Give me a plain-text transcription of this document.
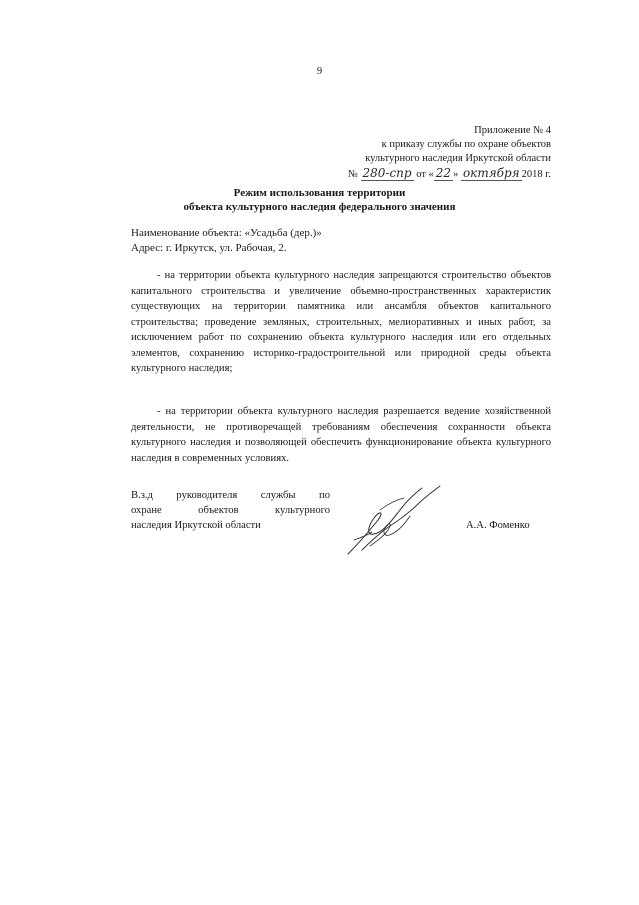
9
Приложение № 4
к приказу службы по охране объектов
культурного наследия Иркутской области
№ 280-спр от « 22 » октября 2018 г.
Режим использования территории
объекта культурного наследия федерального значения
Наименование объекта: «Усадьба (дер.)»
Адрес: г. Иркутск, ул. Рабочая, 2.

- на территории объекта культурного наследия запрещаются строительство объектов капитального строительства и увеличение объемно-пространственных характеристик существующих на территории памятника или ансамбля объектов капитального строительства; проведение земляных, строительных, мелиоративных и иных работ, за исключением работ по сохранению объекта культурного наследия или его отдельных элементов, сохранению историко-градостроительной или природной среды объекта культурного наследия;

- на территории объекта культурного наследия разрешается ведение хозяйственной деятельности, не противоречащей требованиям обеспечения сохранности объекта культурного наследия и позволяющей обеспечить функционирование объекта культурного наследия в современных условиях.

В.з.д руководителя службы по
охране объектов культурного
наследия Иркутской области	А.А. Фоменко
